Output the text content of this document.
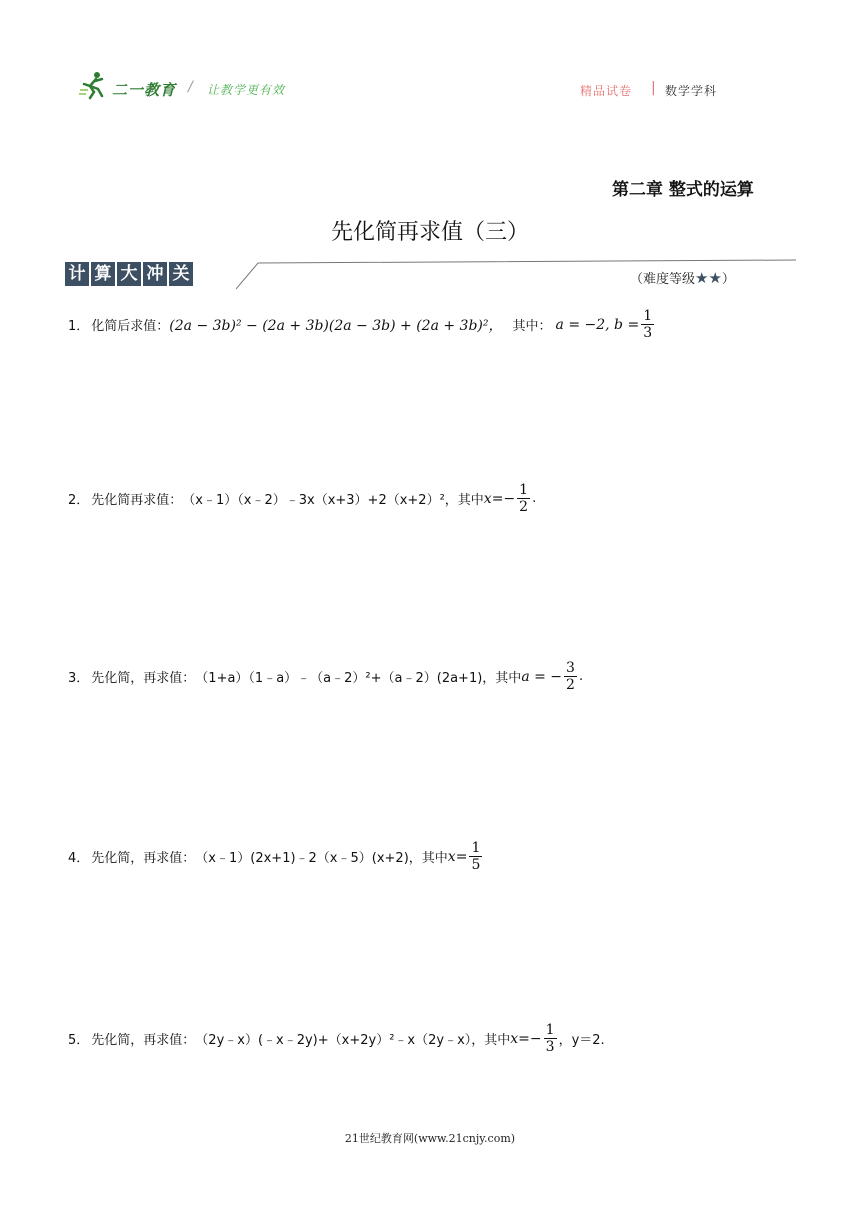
二一教育 / 让教学更有效	精品试卷 | 数学学科
第二章 整式的运算
先化简再求值（三）
计 算 大 冲 关	（难度等级★★）
1． 化简后求值： (2a − 3b)² − (2a + 3b)(2a − 3b) + (2a + 3b)²， 其中： a = −2, $b = \frac{1}{3}$
2． 先化简再求值： （x﹣1）（x﹣2）﹣3x（x+3）+2（x+2）²， 其中 $x=- \frac{1}{2}$ .
3． 先化简，再求值： （1+a）（1﹣a）﹣（a﹣2）²+（a﹣2）(2a+1)， 其中 a = − $\frac{3}{2}$ .
4． 先化简，再求值： （x﹣1）(2x+1)﹣2（x﹣5）(x+2)， 其中 $x= \frac{1}{5}$
5． 先化简，再求值： （2y﹣x）(﹣x﹣2y)+（x+2y）²﹣x（2y﹣x）， 其中 $x=- \frac{1}{3}$ ，y＝2.
21世纪教育网(www.21cnjy.com)
